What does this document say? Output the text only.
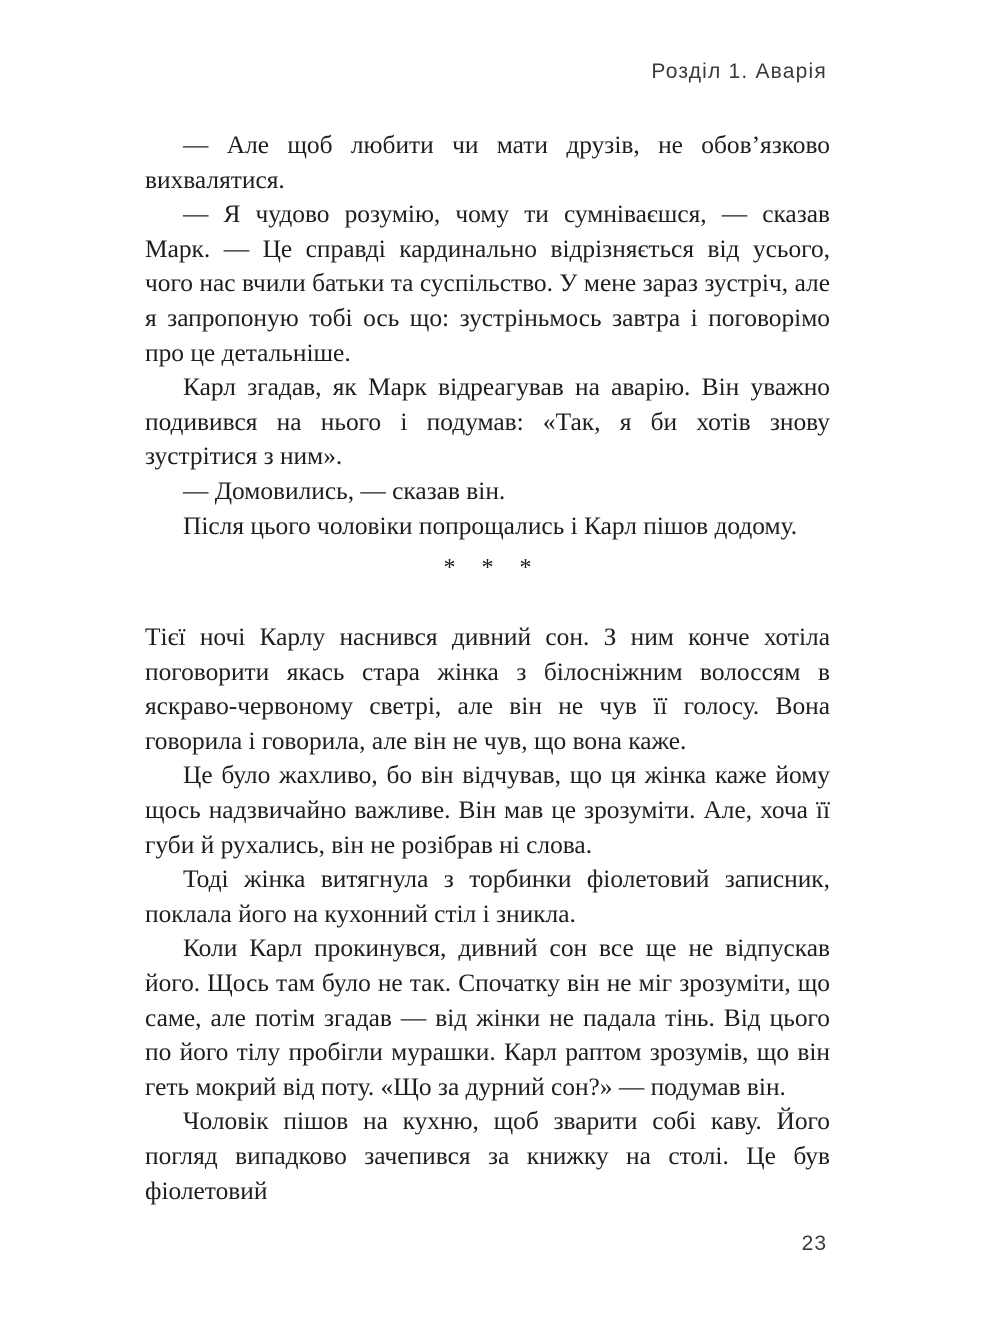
Розділ 1. Аварія

— Але щоб любити чи мати друзів, не обов’язково вихвалятися.

— Я чудово розумію, чому ти сумніваєшся, — сказав Марк. — Це справді кардинально відрізняється від усього, чого нас вчили батьки та суспільство. У мене зараз зустріч, але я запропоную тобі ось що: зустріньмось завтра і поговорімо про це детальніше.

Карл згадав, як Марк відреагував на аварію. Він уважно подивився на нього і подумав: «Так, я би хотів знову зустрітися з ним».

— Домовились, — сказав він.

Після цього чоловіки попрощались і Карл пішов додому.

* * *

Тієї ночі Карлу наснився дивний сон. З ним конче хотіла поговорити якась стара жінка з білосніжним волоссям в яскраво-червоному светрі, але він не чув її голосу. Вона говорила і говорила, але він не чув, що вона каже.

Це було жахливо, бо він відчував, що ця жінка каже йому щось надзвичайно важливе. Він мав це зрозуміти. Але, хоча її губи й рухались, він не розібрав ні слова.

Тоді жінка витягнула з торбинки фіолетовий записник, поклала його на кухонний стіл і зникла.

Коли Карл прокинувся, дивний сон все ще не відпускав його. Щось там було не так. Спочатку він не міг зрозуміти, що саме, але потім згадав — від жінки не падала тінь. Від цього по його тілу пробігли мурашки. Карл раптом зрозумів, що він геть мокрий від поту. «Що за дурний сон?» — подумав він.

Чоловік пішов на кухню, щоб зварити собі каву. Його погляд випадково зачепився за книжку на столі. Це був фіолетовий

23
